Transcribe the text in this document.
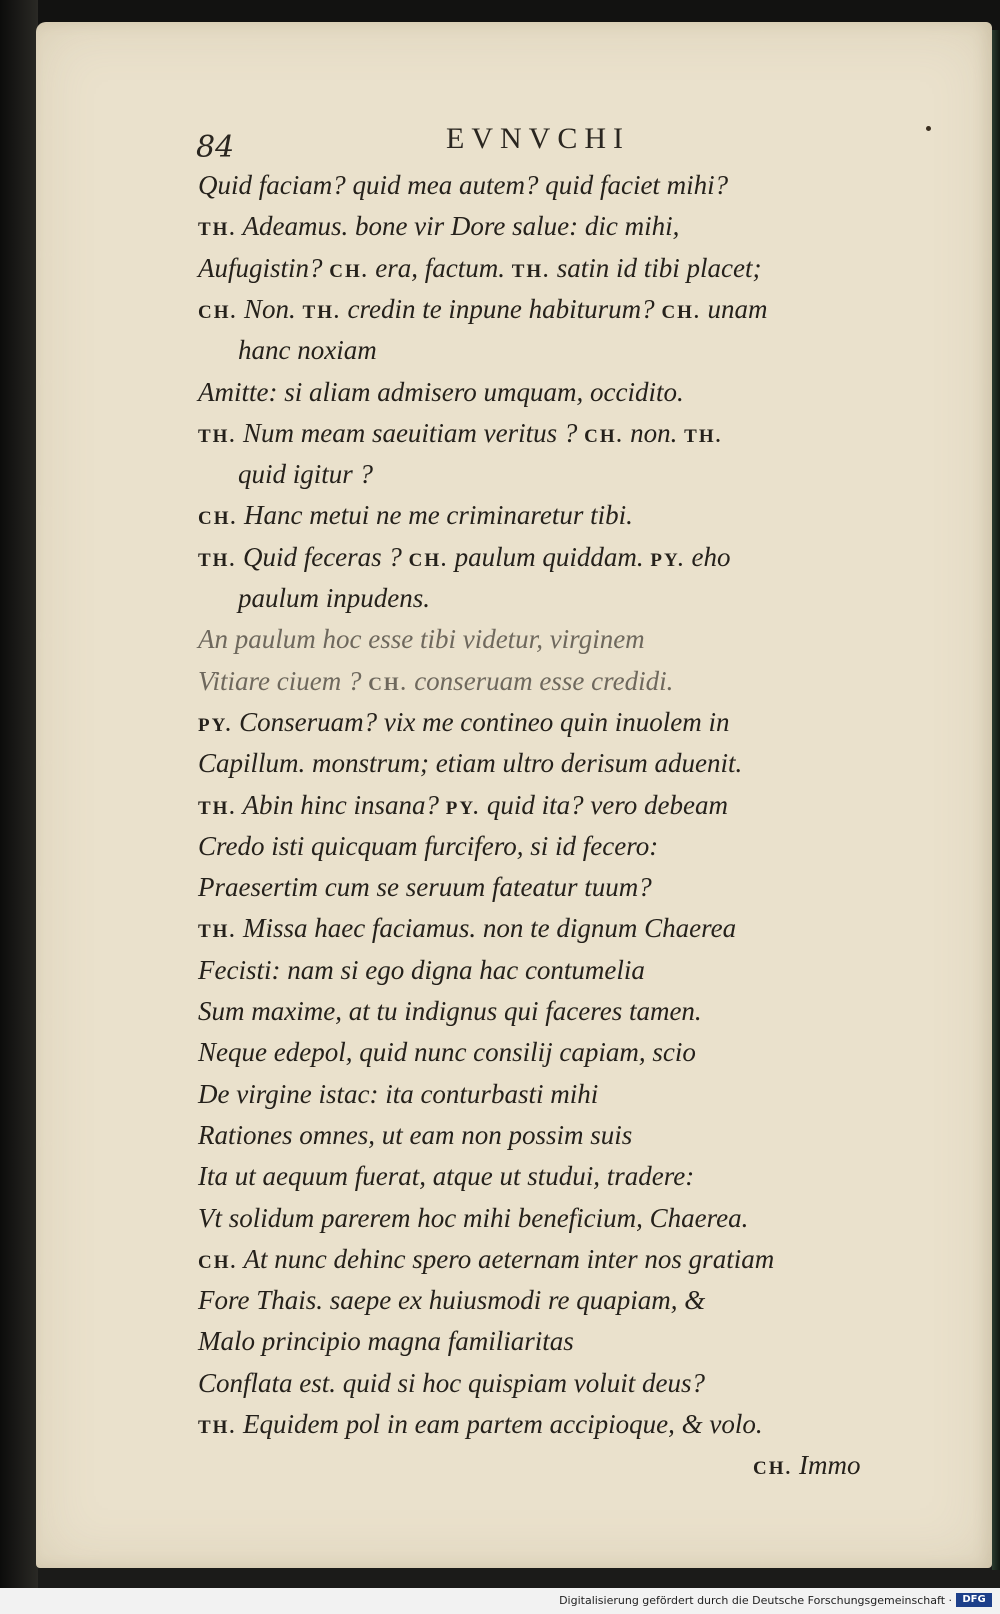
84	EVNVCHI
Quid faciam? quid mea autem? quid faciet mihi?
TH. Adeamus. bone vir Dore salue: dic mihi,
Aufugistin? CH. era, factum. TH. satin id tibi placet;
CH. Non. TH. credin te inpune habiturum? CH. unam
hanc noxiam
Amitte: si aliam admisero umquam, occidito.
TH. Num meam saeuitiam veritus ? CH. non. TH.
quid igitur ?
CH. Hanc metui ne me criminaretur tibi.
TH. Quid feceras ? CH. paulum quiddam. PY. eho
paulum inpudens.
An paulum hoc esse tibi videtur, virginem
Vitiare ciuem ? CH. conseruam esse credidi.
PY. Conseruam? vix me contineo quin inuolem in
Capillum. monstrum; etiam ultro derisum aduenit.
TH. Abin hinc insana? PY. quid ita? vero debeam
Credo isti quicquam furcifero, si id fecero:
Praesertim cum se seruum fateatur tuum?
TH. Missa haec faciamus. non te dignum Chaerea
Fecisti: nam si ego digna hac contumelia
Sum maxime, at tu indignus qui faceres tamen.
Neque edepol, quid nunc consilij capiam, scio
De virgine istac: ita conturbasti mihi
Rationes omnes, ut eam non possim suis
Ita ut aequum fuerat, atque ut studui, tradere:
Vt solidum parerem hoc mihi beneficium, Chaerea.
CH. At nunc dehinc spero aeternam inter nos gratiam
Fore Thais. saepe ex huiusmodi re quapiam, &
Malo principio magna familiaritas
Conflata est. quid si hoc quispiam voluit deus?
TH. Equidem pol in eam partem accipioque, & volo.
CH. Immo
Digitalisierung gefördert durch die Deutsche Forschungsgemeinschaft ·	DFG
